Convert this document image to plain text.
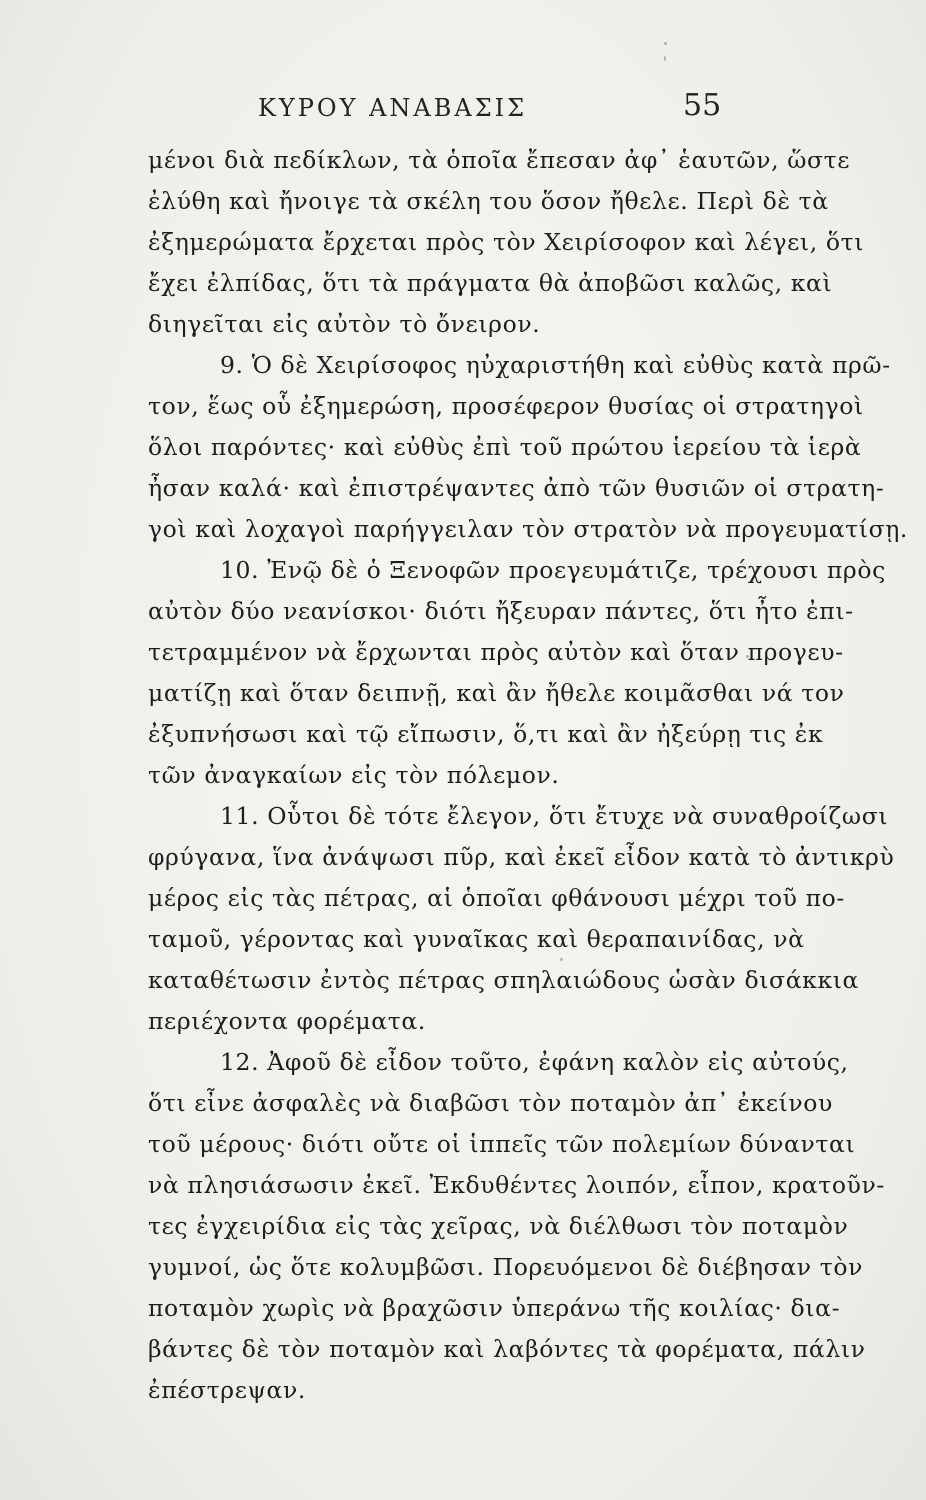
ΚΥΡΟΥ ΑΝΑΒΑΣΙΣ	55
μένοι διὰ πεδίκλων, τὰ ὁποῖα ἔπεσαν ἀφ᾽ ἑαυτῶν, ὥστε
ἐλύθη καὶ ἤνοιγε τὰ σκέλη του ὅσον ἤθελε. Περὶ δὲ τὰ
ἐξημερώματα ἔρχεται πρὸς τὸν Χειρίσοφον καὶ λέγει, ὅτι
ἔχει ἐλπίδας, ὅτι τὰ πράγματα θὰ ἀποβῶσι καλῶς, καὶ
διηγεῖται εἰς αὐτὸν τὸ ὄνειρον.
9. Ὁ δὲ Χειρίσοφος ηὐχαριστήθη καὶ εὐθὺς κατὰ πρῶ-
τον, ἕως οὗ ἐξημερώση, προσέφερον θυσίας οἱ στρατηγοὶ
ὅλοι παρόντες· καὶ εὐθὺς ἐπὶ τοῦ πρώτου ἱερείου τὰ ἱερὰ
ἦσαν καλά· καὶ ἐπιστρέψαντες ἀπὸ τῶν θυσιῶν οἱ στρατη-
γοὶ καὶ λοχαγοὶ παρήγγειλαν τὸν στρατὸν νὰ προγευματίσῃ.
10. Ἐνῷ δὲ ὁ Ξενοφῶν προεγευμάτιζε, τρέχουσι πρὸς
αὐτὸν δύο νεανίσκοι· διότι ἤξευραν πάντες, ὅτι ἦτο ἐπι-
τετραμμένον νὰ ἔρχωνται πρὸς αὐτὸν καὶ ὅταν προγευ-
ματίζῃ καὶ ὅταν δειπνῇ, καὶ ἂν ἤθελε κοιμᾶσθαι νά τον
ἐξυπνήσωσι καὶ τῷ εἴπωσιν, ὅ,τι καὶ ἂν ἠξεύρῃ τις ἐκ
τῶν ἀναγκαίων εἰς τὸν πόλεμον.
11. Οὗτοι δὲ τότε ἔλεγον, ὅτι ἔτυχε νὰ συναθροίζωσι
φρύγανα, ἵνα ἀνάψωσι πῦρ, καὶ ἐκεῖ εἶδον κατὰ τὸ ἀντικρὺ
μέρος εἰς τὰς πέτρας, αἱ ὁποῖαι φθάνουσι μέχρι τοῦ πο-
ταμοῦ, γέροντας καὶ γυναῖκας καὶ θεραπαινίδας, νὰ
καταθέτωσιν ἐντὸς πέτρας σπηλαιώδους ὡσὰν δισάκκια
περιέχοντα φορέματα.
12. Ἀφοῦ δὲ εἶδον τοῦτο, ἐφάνη καλὸν εἰς αὐτούς,
ὅτι εἶνε ἀσφαλὲς νὰ διαβῶσι τὸν ποταμὸν ἀπ᾽ ἐκείνου
τοῦ μέρους· διότι οὔτε οἱ ἱππεῖς τῶν πολεμίων δύνανται
νὰ πλησιάσωσιν ἐκεῖ. Ἐκδυθέντες λοιπόν, εἶπον, κρατοῦν-
τες ἐγχειρίδια εἰς τὰς χεῖρας, νὰ διέλθωσι τὸν ποταμὸν
γυμνοί, ὡς ὅτε κολυμβῶσι. Πορευόμενοι δὲ διέβησαν τὸν
ποταμὸν χωρὶς νὰ βραχῶσιν ὑπεράνω τῆς κοιλίας· δια-
βάντες δὲ τὸν ποταμὸν καὶ λαβόντες τὰ φορέματα, πάλιν
ἐπέστρεψαν.
